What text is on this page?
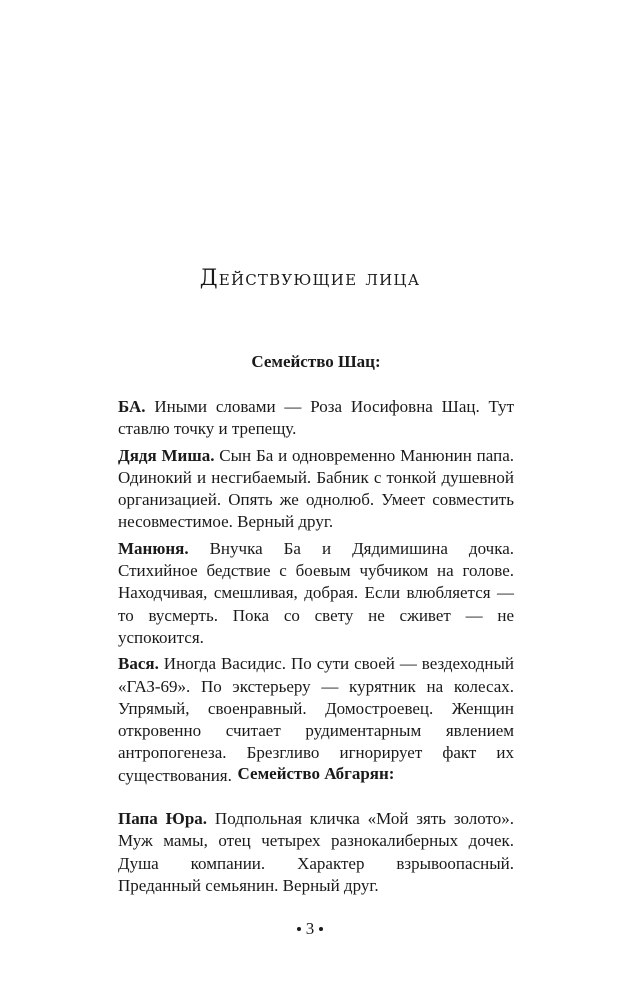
Действующие лица
Семейство Шац:

БА. Иными словами — Роза Иосифовна Шац. Тут ставлю точку и трепещу.

Дядя Миша. Сын Ба и одновременно Манюнин папа. Одинокий и несгибаемый. Бабник с тонкой душевной организацией. Опять же однолюб. Умеет совместить несовместимое. Верный друг.

Манюня. Внучка Ба и Дядимишина дочка. Стихийное бедствие с боевым чубчиком на голове. Находчивая, смешливая, добрая. Если влюбляется — то вусмерть. Пока со свету не сживет — не успокоится.

Вася. Иногда Васидис. По сути своей — вездеходный «ГАЗ-69». По экстерьеру — курятник на колесах. Упрямый, своенравный. Домостроевец. Женщин откровенно считает рудиментарным явлением антропогенеза. Брезгливо игнорирует факт их существования. Семейство Абгарян:

Папа Юра. Подпольная кличка «Мой зять золото». Муж мамы, отец четырех разнокалиберных дочек. Душа компании. Характер взрывоопасный. Преданный семьянин. Верный друг.

3
